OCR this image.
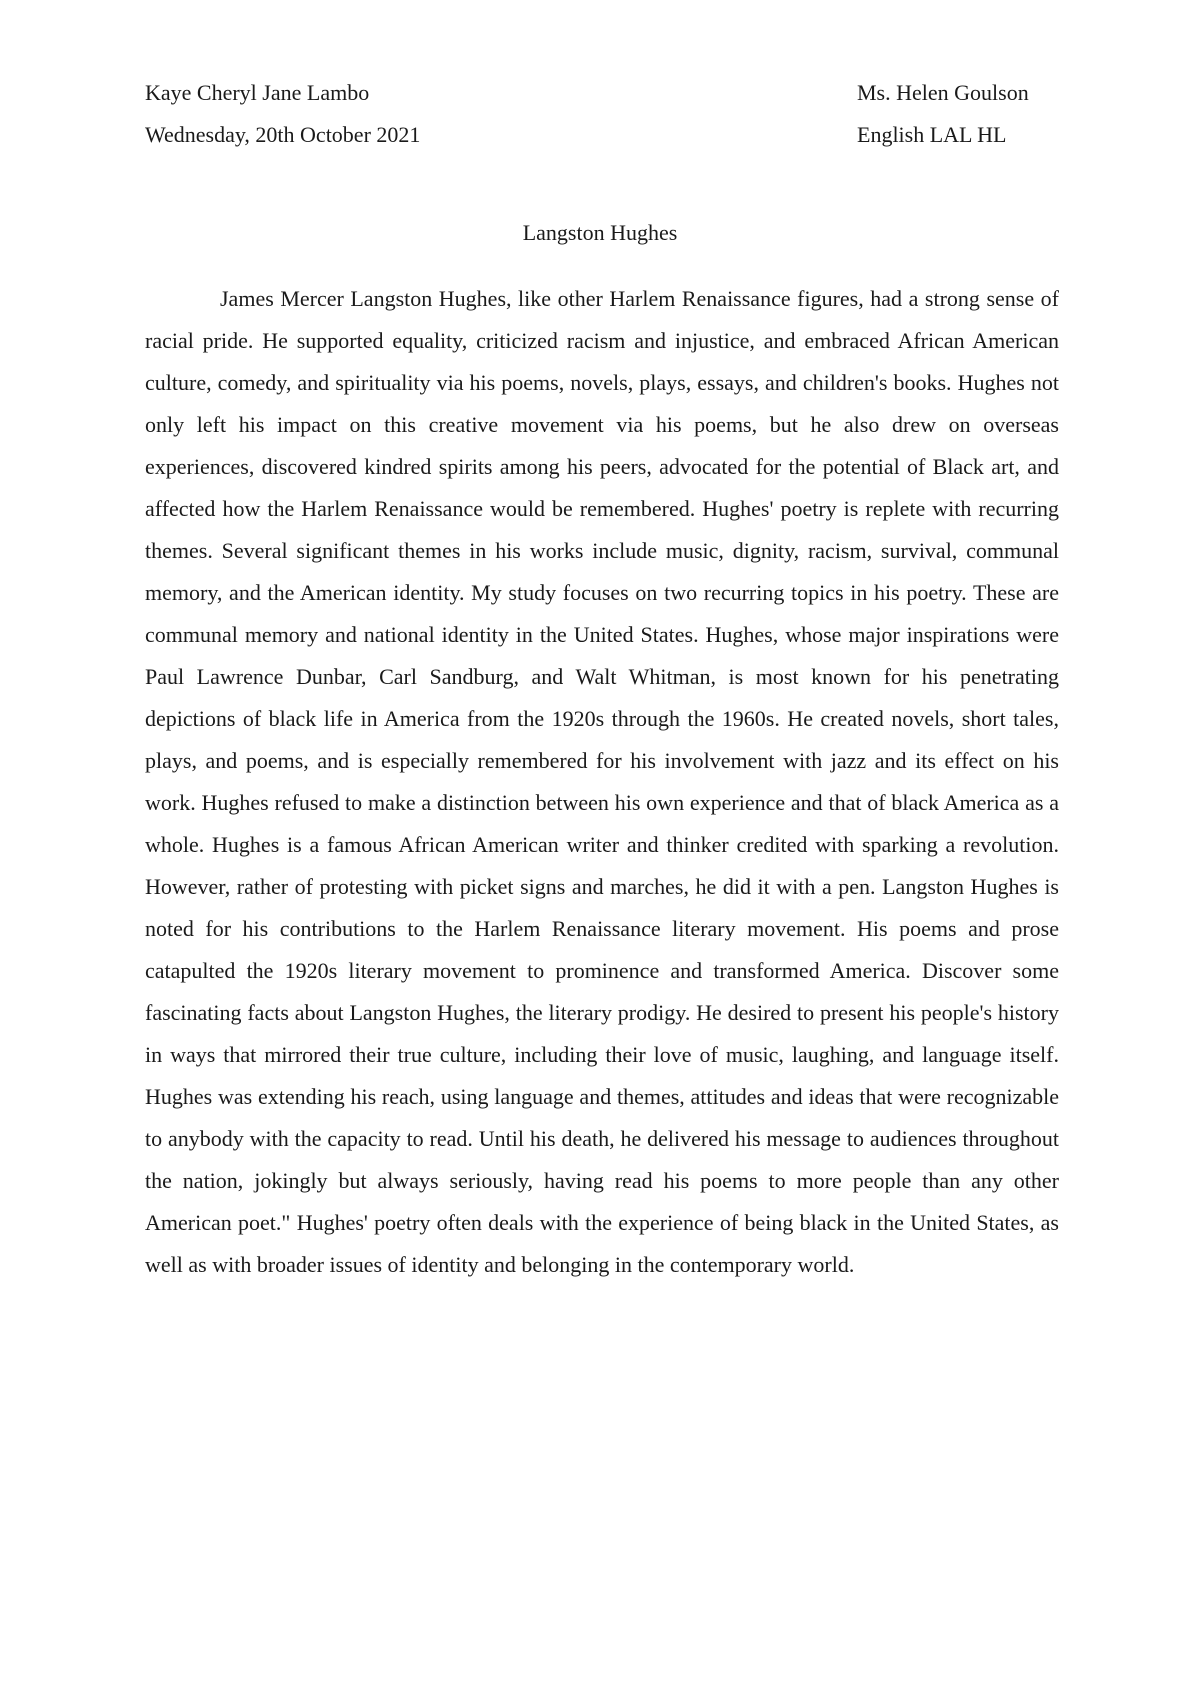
Kaye Cheryl Jane Lambo
Wednesday, 20th October 2021
Ms. Helen Goulson
English LAL HL
Langston Hughes

James Mercer Langston Hughes, like other Harlem Renaissance figures, had a strong sense of racial pride. He supported equality, criticized racism and injustice, and embraced African American culture, comedy, and spirituality via his poems, novels, plays, essays, and children's books. Hughes not only left his impact on this creative movement via his poems, but he also drew on overseas experiences, discovered kindred spirits among his peers, advocated for the potential of Black art, and affected how the Harlem Renaissance would be remembered. Hughes' poetry is replete with recurring themes. Several significant themes in his works include music, dignity, racism, survival, communal memory, and the American identity. My study focuses on two recurring topics in his poetry. These are communal memory and national identity in the United States. Hughes, whose major inspirations were Paul Lawrence Dunbar, Carl Sandburg, and Walt Whitman, is most known for his penetrating depictions of black life in America from the 1920s through the 1960s. He created novels, short tales, plays, and poems, and is especially remembered for his involvement with jazz and its effect on his work. Hughes refused to make a distinction between his own experience and that of black America as a whole. Hughes is a famous African American writer and thinker credited with sparking a revolution. However, rather of protesting with picket signs and marches, he did it with a pen. Langston Hughes is noted for his contributions to the Harlem Renaissance literary movement. His poems and prose catapulted the 1920s literary movement to prominence and transformed America. Discover some fascinating facts about Langston Hughes, the literary prodigy. He desired to present his people's history in ways that mirrored their true culture, including their love of music, laughing, and language itself. Hughes was extending his reach, using language and themes, attitudes and ideas that were recognizable to anybody with the capacity to read. Until his death, he delivered his message to audiences throughout the nation, jokingly but always seriously, having read his poems to more people than any other American poet." Hughes' poetry often deals with the experience of being black in the United States, as well as with broader issues of identity and belonging in the contemporary world.
